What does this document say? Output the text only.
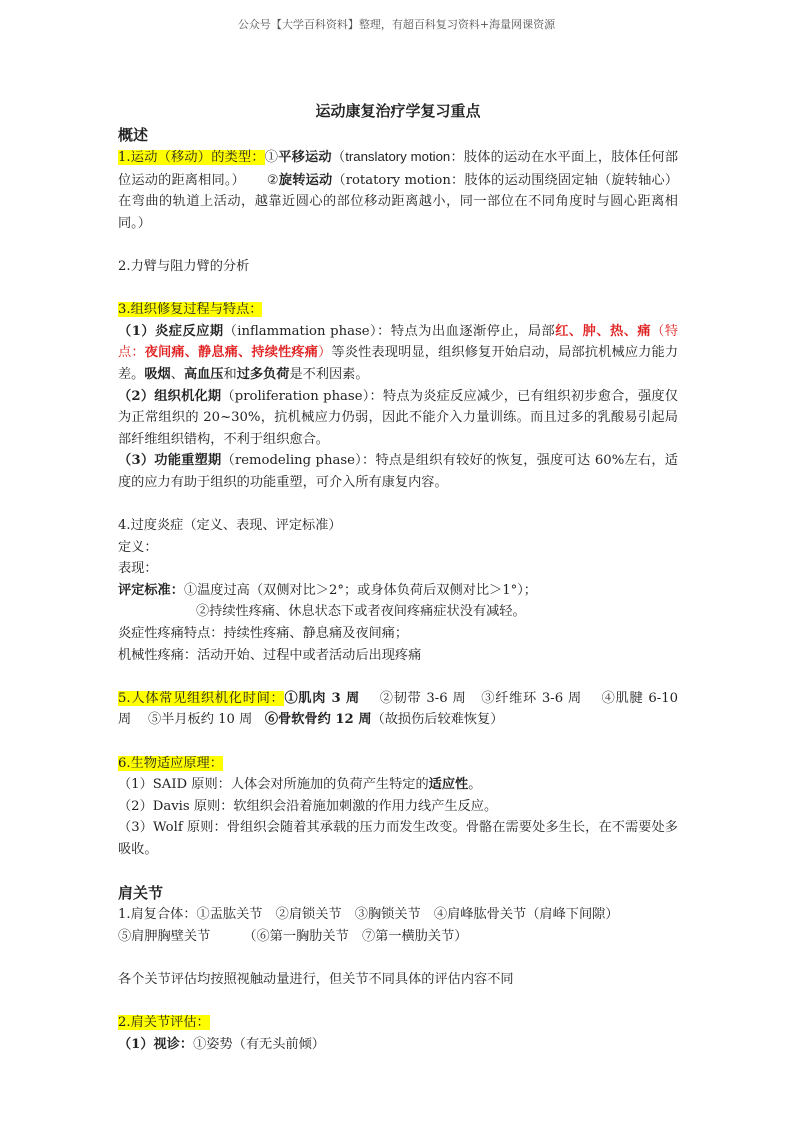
公众号【大学百科资料】整理，有超百科复习资料+海量网课资源
运动康复治疗学复习重点
概述

1.运动（移动）的类型：①平移运动（translatory motion：肢体的运动在水平面上，肢体任何部位运动的距离相同。） ②旋转运动（rotatory motion：肢体的运动围绕固定轴（旋转轴心）在弯曲的轨道上活动，越靠近圆心的部位移动距离越小，同一部位在不同角度时与圆心距离相同。）

2.力臂与阻力臂的分析

3.组织修复过程与特点：

（1）炎症反应期（inflammation phase）：特点为出血逐渐停止，局部红、肿、热、痛（特点：夜间痛、静息痛、持续性疼痛）等炎性表现明显，组织修复开始启动，局部抗机械应力能力差。吸烟、高血压和过多负荷是不利因素。

（2）组织机化期（proliferation phase）：特点为炎症反应减少，已有组织初步愈合，强度仅为正常组织的 20~30%，抗机械应力仍弱，因此不能介入力量训练。而且过多的乳酸易引起局部纤维组织错构，不利于组织愈合。

（3）功能重塑期（remodeling phase）：特点是组织有较好的恢复，强度可达 60%左右，适度的应力有助于组织的功能重塑，可介入所有康复内容。

4.过度炎症（定义、表现、评定标准）

定义：

表现：

评定标准：①温度过高（双侧对比＞2°；或身体负荷后双侧对比＞1°）；

②持续性疼痛、休息状态下或者夜间疼痛症状没有减轻。

炎症性疼痛特点：持续性疼痛、静息痛及夜间痛；

机械性疼痛：活动开始、过程中或者活动后出现疼痛

5.人体常见组织机化时间：①肌肉 3 周 ②韧带 3-6 周 ③纤维环 3-6 周 ④肌腱 6-10 周 ⑤半月板约 10 周 ⑥骨软骨约 12 周（故损伤后较难恢复）

6.生物适应原理：

（1）SAID 原则：人体会对所施加的负荷产生特定的适应性。

（2）Davis 原则：软组织会沿着施加刺激的作用力线产生反应。

（3）Wolf 原则：骨组织会随着其承载的压力而发生改变。骨骼在需要处多生长，在不需要处多吸收。

肩关节

1.肩复合体：①盂肱关节　②肩锁关节　③胸锁关节　④肩峰肱骨关节（肩峰下间隙）

⑤肩胛胸壁关节　　　（⑥第一胸肋关节　⑦第一横肋关节）

各个关节评估均按照视触动量进行，但关节不同具体的评估内容不同

2.肩关节评估：

（1）视诊：①姿势（有无头前倾）
